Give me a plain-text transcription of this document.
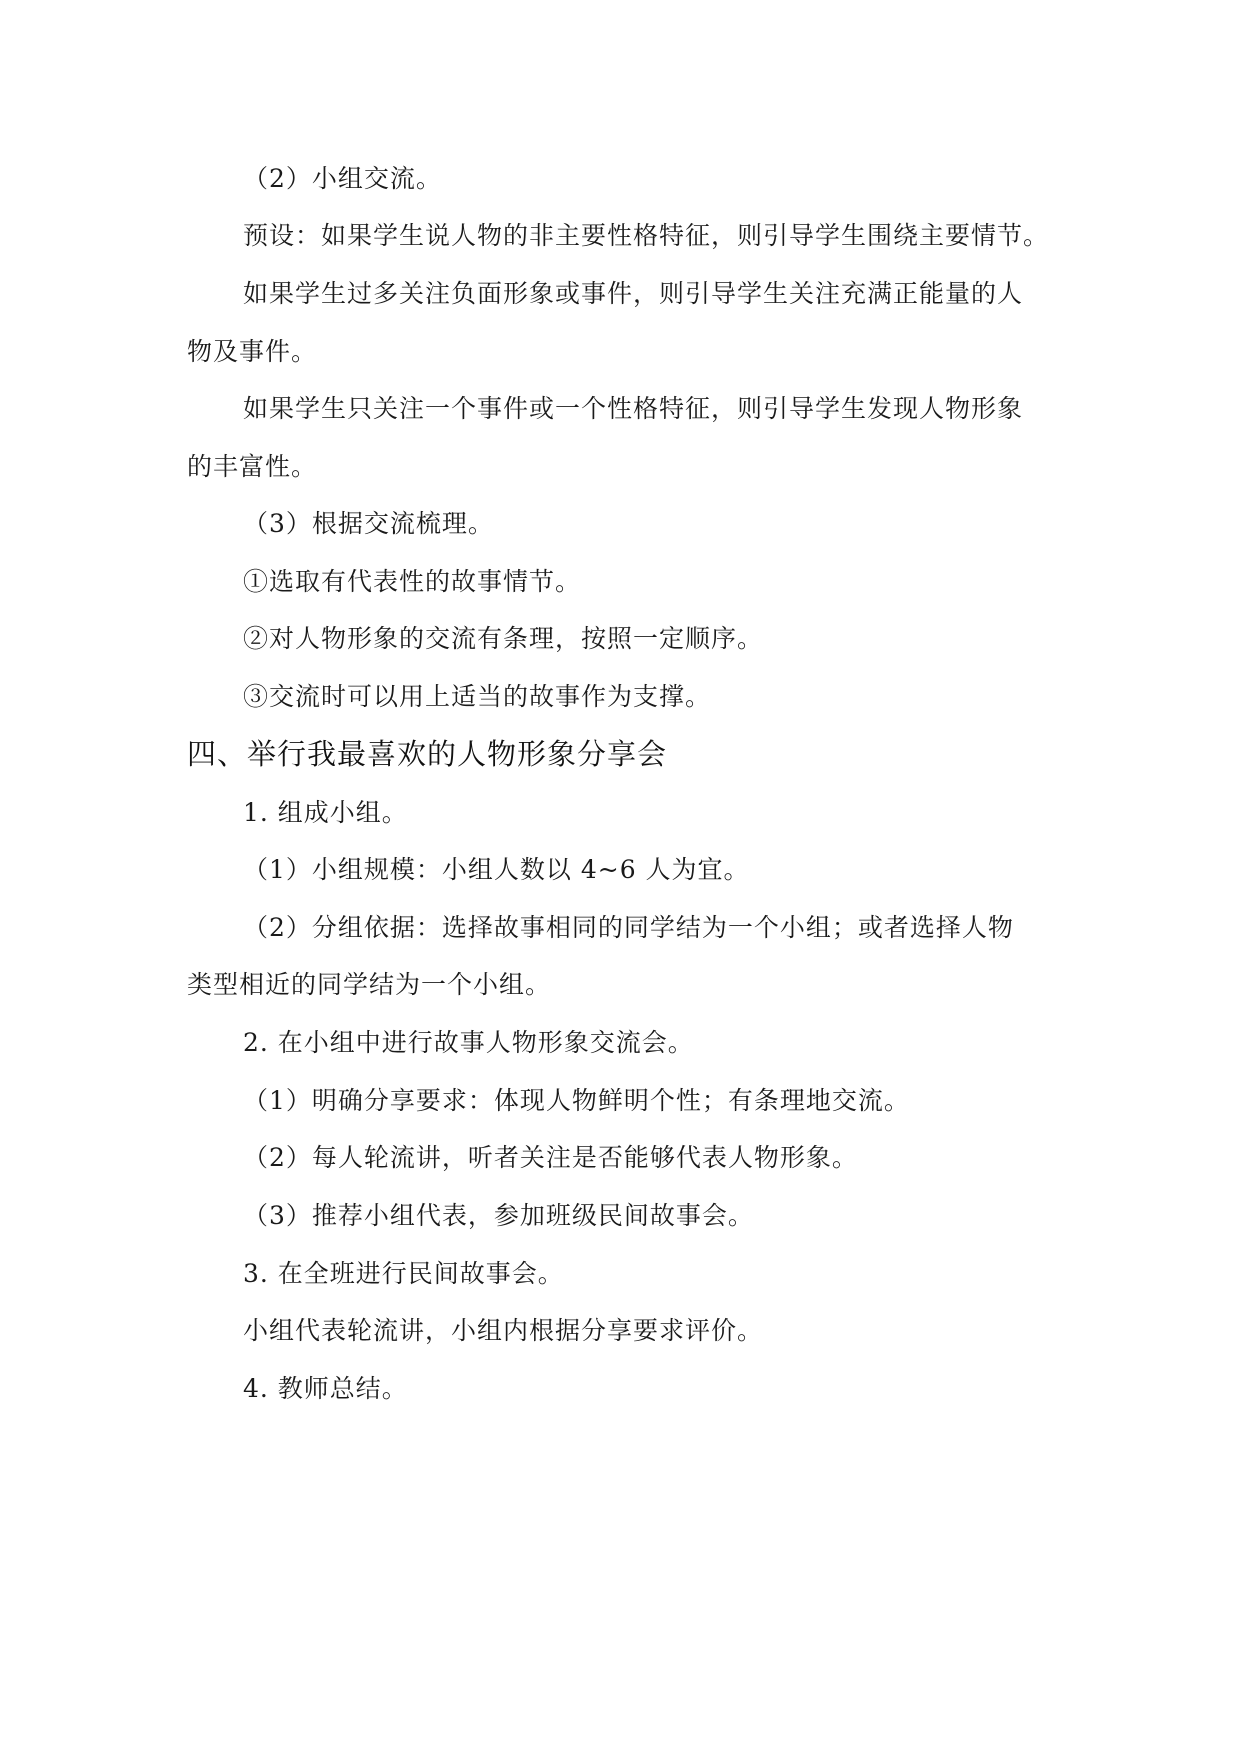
（2）小组交流。
预设：如果学生说人物的非主要性格特征，则引导学生围绕主要情节。
如果学生过多关注负面形象或事件，则引导学生关注充满正能量的人
物及事件。
如果学生只关注一个事件或一个性格特征，则引导学生发现人物形象
的丰富性。
（3）根据交流梳理。
①选取有代表性的故事情节。
②对人物形象的交流有条理，按照一定顺序。
③交流时可以用上适当的故事作为支撑。
四、举行我最喜欢的人物形象分享会
1. 组成小组。
（1）小组规模：小组人数以 4~6 人为宜。
（2）分组依据：选择故事相同的同学结为一个小组；或者选择人物
类型相近的同学结为一个小组。
2. 在小组中进行故事人物形象交流会。
（1）明确分享要求：体现人物鲜明个性；有条理地交流。
（2）每人轮流讲，听者关注是否能够代表人物形象。
（3）推荐小组代表，参加班级民间故事会。
3. 在全班进行民间故事会。
小组代表轮流讲，小组内根据分享要求评价。
4. 教师总结。
